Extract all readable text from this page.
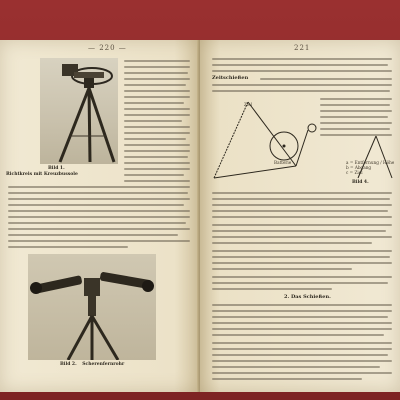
— 220 —
Bild 1.
Richtkreis mit Kreuzbussole
Bild 2. Scherenfernrohr
221
Zeitschießen
Ziel
Batterie
Bild 4.
a = Entfernung / Höhe
b = Abgang
c = Ziel
2. Das Schießen.
